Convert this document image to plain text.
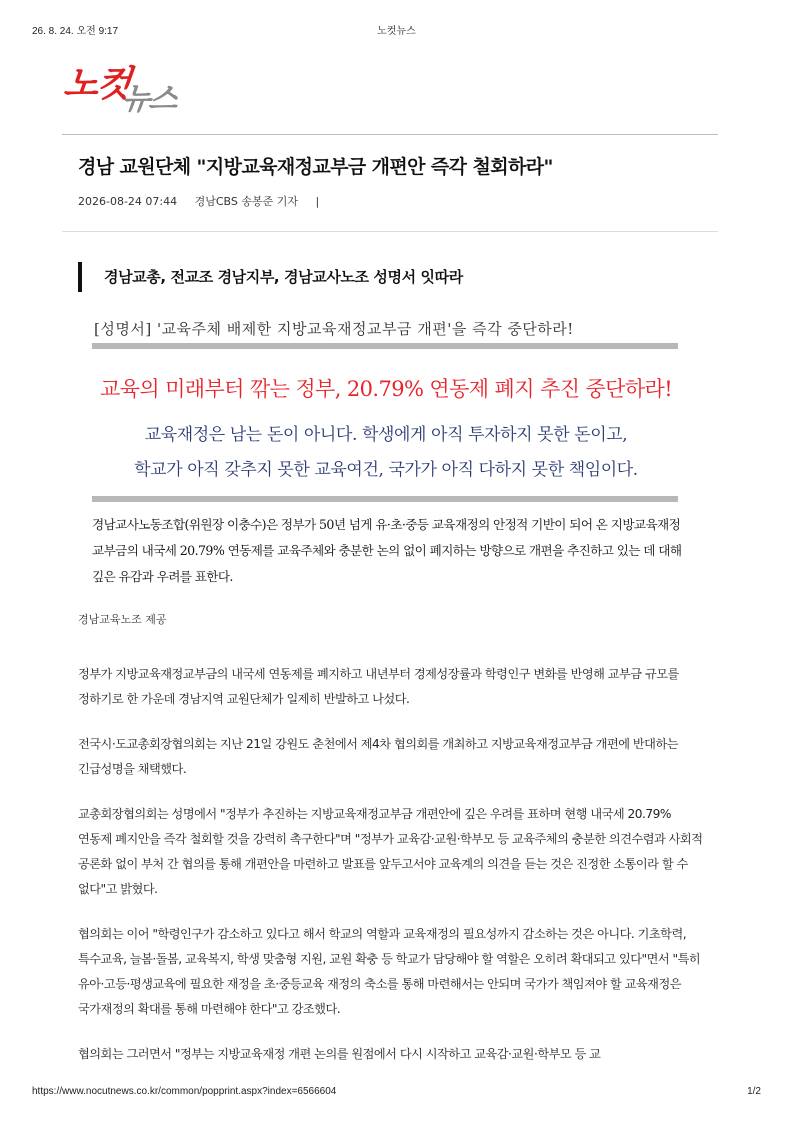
26. 8. 24. 오전 9:17	노컷뉴스
노컷
뉴스
경남 교원단체 "지방교육재정교부금 개편안 즉각 철회하라"
2026-08-24 07:44 경남CBS 송봉준 기자 |
경남교총, 전교조 경남지부, 경남교사노조 성명서 잇따라
[성명서] '교육주체 배제한 지방교육재정교부금 개편'을 즉각 중단하라!
교육의 미래부터 깎는 정부, 20.79% 연동제 폐지 추진 중단하라!
교육재정은 남는 돈이 아니다. 학생에게 아직 투자하지 못한 돈이고,
학교가 아직 갖추지 못한 교육여건, 국가가 아직 다하지 못한 책임이다.
경남교사노동조합(위원장 이충수)은 정부가 50년 넘게 유·초·중등 교육재정의 안정적 기반이 되어 온 지방교육재정교부금의 내국세 20.79% 연동제를 교육주체와 충분한 논의 없이 폐지하는 방향으로 개편을 추진하고 있는 데 대해 깊은 유감과 우려를 표한다.
경남교육노조 제공

정부가 지방교육재정교부금의 내국세 연동제를 폐지하고 내년부터 경제성장률과 학령인구 변화를 반영해 교부금 규모를 정하기로 한 가운데 경남지역 교원단체가 일제히 반발하고 나섰다.

전국시·도교총회장협의회는 지난 21일 강원도 춘천에서 제4차 협의회를 개최하고 지방교육재정교부금 개편에 반대하는 긴급성명을 채택했다.

교총회장협의회는 성명에서 "정부가 추진하는 지방교육재정교부금 개편안에 깊은 우려를 표하며 현행 내국세 20.79% 연동제 폐지안을 즉각 철회할 것을 강력히 촉구한다"며 "정부가 교육감·교원·학부모 등 교육주체의 충분한 의견수렴과 사회적 공론화 없이 부처 간 협의를 통해 개편안을 마련하고 발표를 앞두고서야 교육계의 의견을 듣는 것은 진정한 소통이라 할 수 없다"고 밝혔다.

협의회는 이어 "학령인구가 감소하고 있다고 해서 학교의 역할과 교육재정의 필요성까지 감소하는 것은 아니다. 기초학력, 특수교육, 늘봄·돌봄, 교육복지, 학생 맞춤형 지원, 교원 확충 등 학교가 담당해야 할 역할은 오히려 확대되고 있다"면서 "특히 유아·고등·평생교육에 필요한 재정을 초·중등교육 재정의 축소를 통해 마련해서는 안되며 국가가 책임져야 할 교육재정은 국가재정의 확대를 통해 마련해야 한다"고 강조했다.

협의회는 그러면서 "정부는 지방교육재정 개편 논의를 원점에서 다시 시작하고 교육감·교원·학부모 등 교

https://www.nocutnews.co.kr/common/popprint.aspx?index=6566604	1/2
